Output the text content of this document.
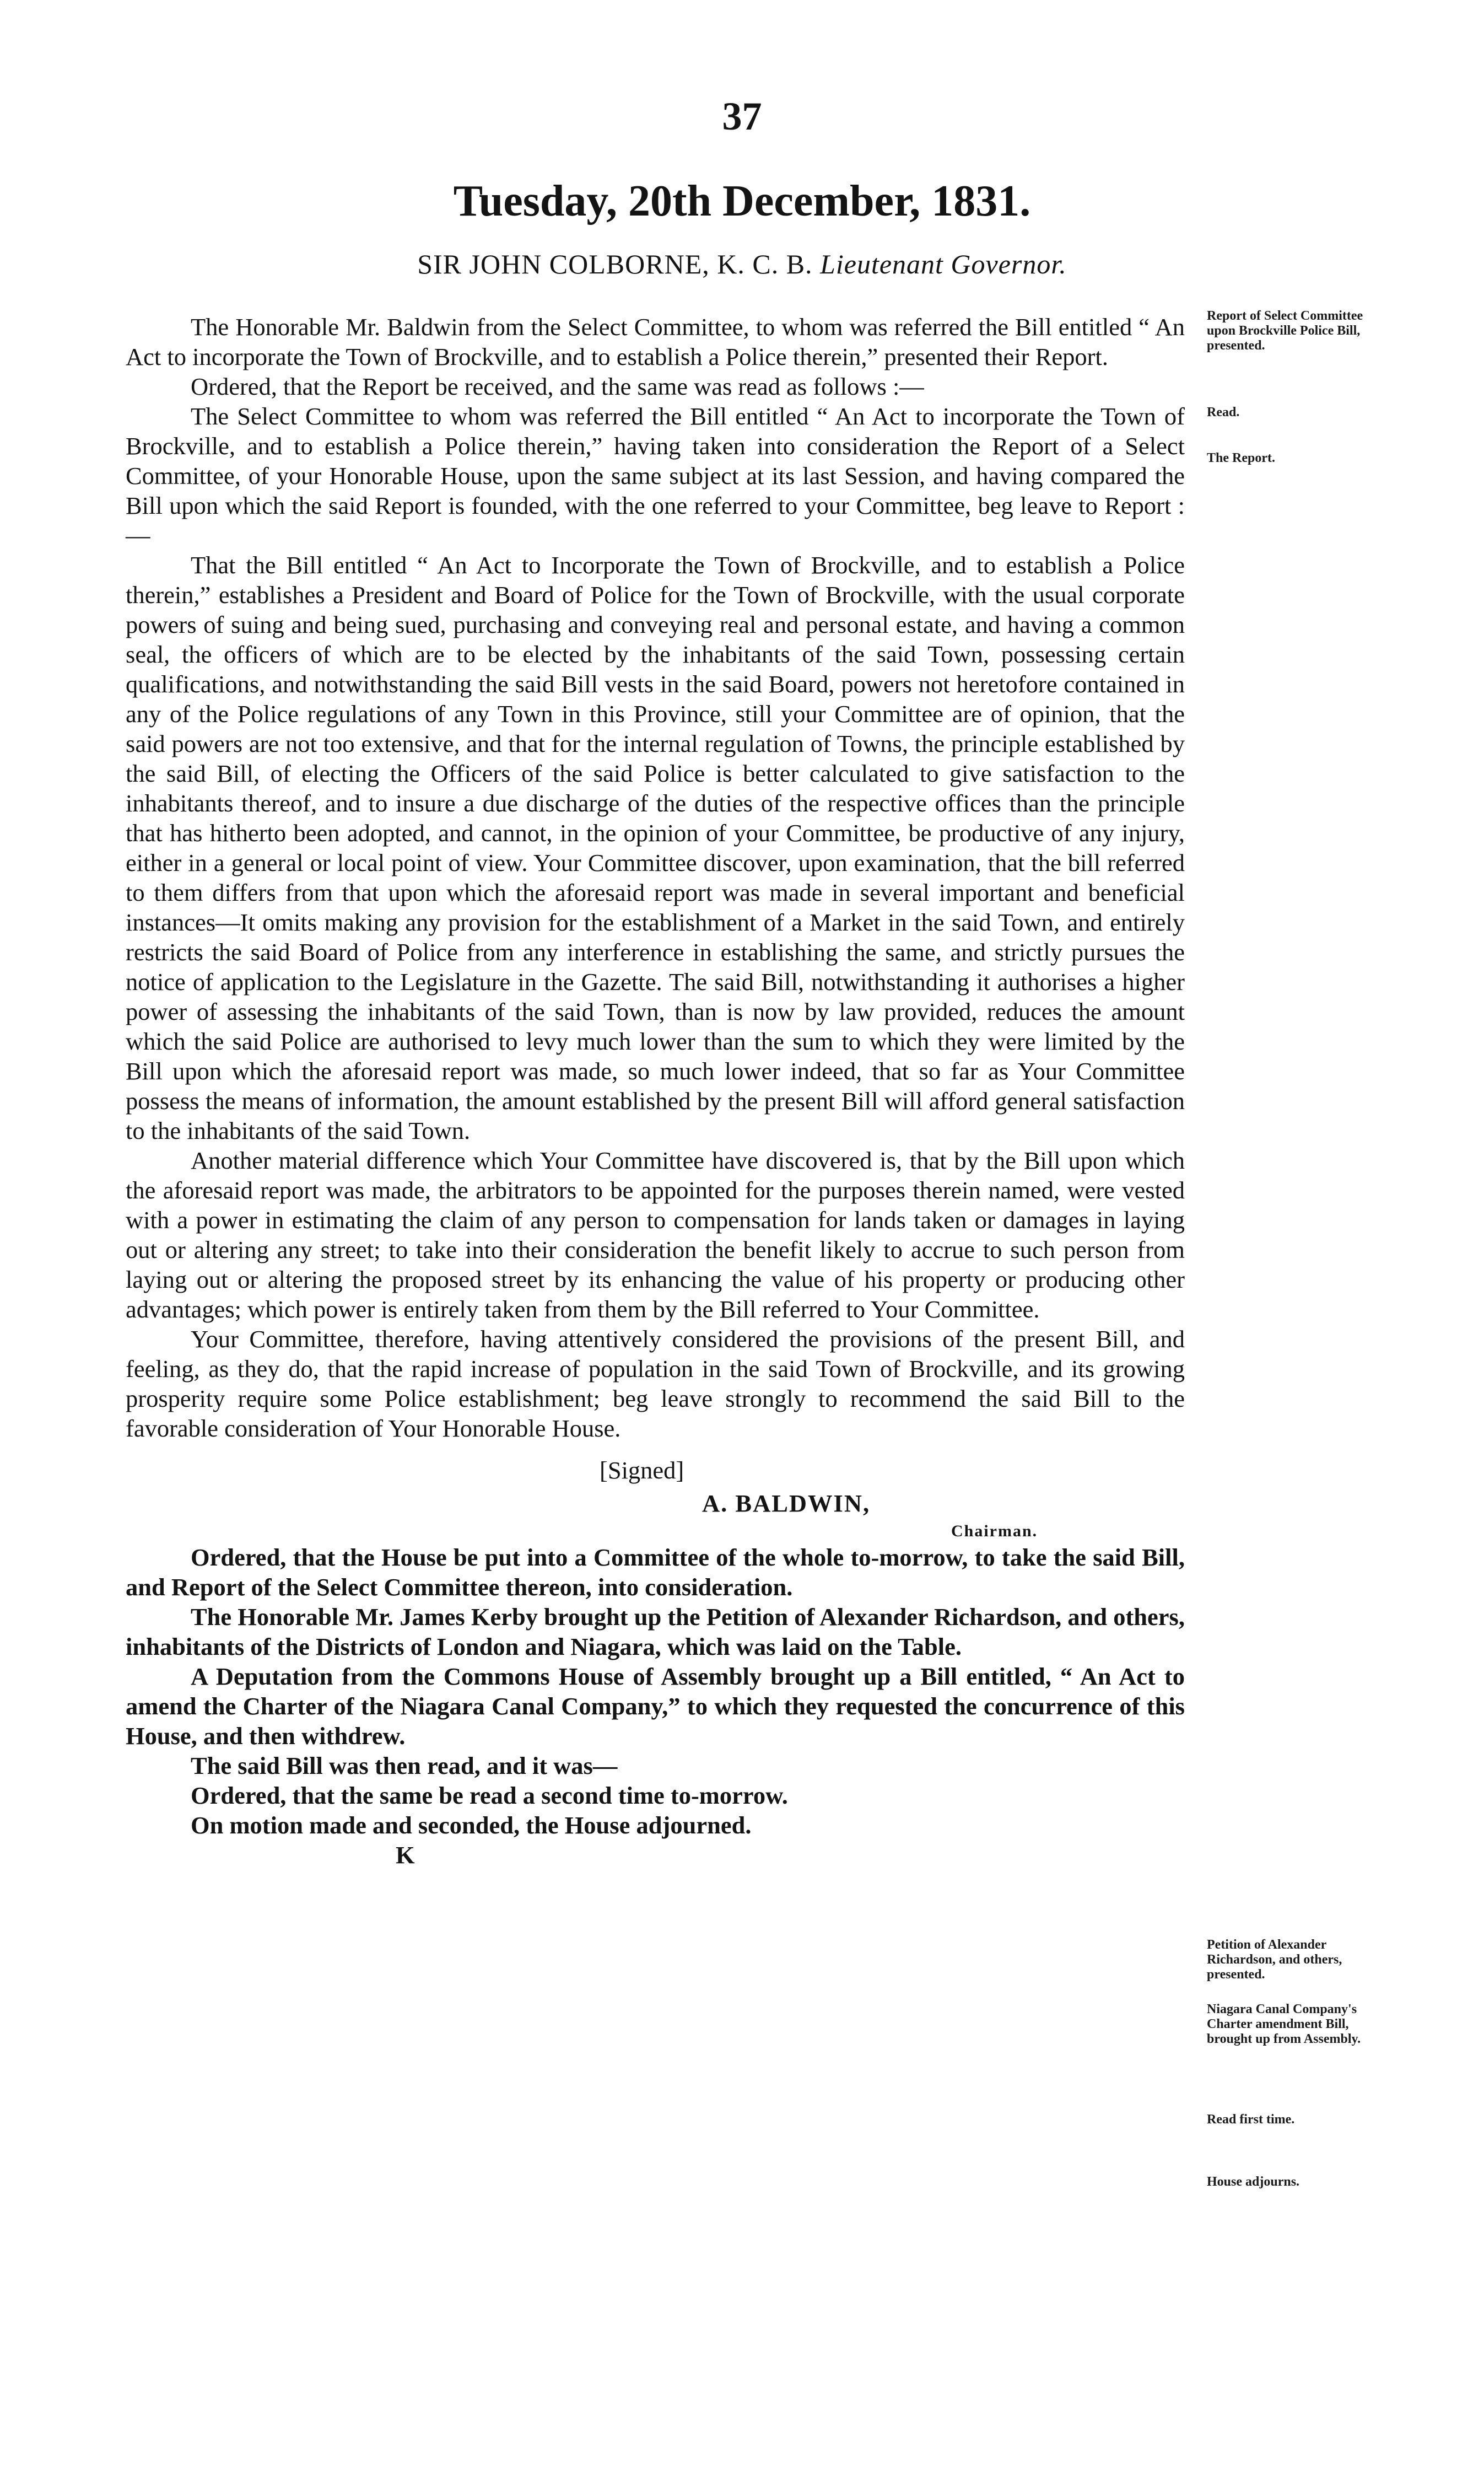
37
Tuesday, 20th December, 1831.
SIR JOHN COLBORNE, K. C. B. Lieutenant Governor.

The Honorable Mr. Baldwin from the Select Committee, to whom was referred the Bill entitled “ An Act to incorporate the Town of Brockville, and to establish a Police therein,” presented their Report.

Ordered, that the Report be received, and the same was read as follows :—

The Select Committee to whom was referred the Bill entitled “ An Act to incorporate the Town of Brockville, and to establish a Police therein,” having taken into consideration the Report of a Select Committee, of your Honorable House, upon the same subject at its last Session, and having compared the Bill upon which the said Report is founded, with the one referred to your Committee, beg leave to Report :—

That the Bill entitled “ An Act to Incorporate the Town of Brockville, and to establish a Police therein,” establishes a President and Board of Police for the Town of Brockville, with the usual corporate powers of suing and being sued, purchasing and conveying real and personal estate, and having a common seal, the officers of which are to be elected by the inhabitants of the said Town, possessing certain qualifications, and notwithstanding the said Bill vests in the said Board, powers not heretofore contained in any of the Police regulations of any Town in this Province, still your Committee are of opinion, that the said powers are not too extensive, and that for the internal regulation of Towns, the principle established by the said Bill, of electing the Officers of the said Police is better calculated to give satisfaction to the inhabitants thereof, and to insure a due discharge of the duties of the respective offices than the principle that has hitherto been adopted, and cannot, in the opinion of your Committee, be productive of any injury, either in a general or local point of view. Your Committee discover, upon examination, that the bill referred to them differs from that upon which the aforesaid report was made in several important and beneficial instances—It omits making any provision for the establishment of a Market in the said Town, and entirely restricts the said Board of Police from any interference in establishing the same, and strictly pursues the notice of application to the Legislature in the Gazette. The said Bill, notwithstanding it authorises a higher power of assessing the inhabitants of the said Town, than is now by law provided, reduces the amount which the said Police are authorised to levy much lower than the sum to which they were limited by the Bill upon which the aforesaid report was made, so much lower indeed, that so far as Your Committee possess the means of information, the amount established by the present Bill will afford general satisfaction to the inhabitants of the said Town.

Another material difference which Your Committee have discovered is, that by the Bill upon which the aforesaid report was made, the arbitrators to be appointed for the purposes therein named, were vested with a power in estimating the claim of any person to compensation for lands taken or damages in laying out or altering any street; to take into their consideration the benefit likely to accrue to such person from laying out or altering the proposed street by its enhancing the value of his property or producing other advantages; which power is entirely taken from them by the Bill referred to Your Committee.

Your Committee, therefore, having attentively considered the provisions of the present Bill, and feeling, as they do, that the rapid increase of population in the said Town of Brockville, and its growing prosperity require some Police establishment; beg leave strongly to recommend the said Bill to the favorable consideration of Your Honorable House.

[Signed]
A. BALDWIN,
Chairman.

Ordered, that the House be put into a Committee of the whole to-morrow, to take the said Bill, and Report of the Select Committee thereon, into consideration.

The Honorable Mr. James Kerby brought up the Petition of Alexander Richardson, and others, inhabitants of the Districts of London and Niagara, which was laid on the Table.

A Deputation from the Commons House of Assembly brought up a Bill entitled, “ An Act to amend the Charter of the Niagara Canal Company,” to which they requested the concurrence of this House, and then withdrew.

The said Bill was then read, and it was—

Ordered, that the same be read a second time to-morrow.

On motion made and seconded, the House adjourned.

K
Report of Select Committee upon Brockville Police Bill, presented.
Read.
The Report.
Petition of Alexander Richardson, and others, presented.
Niagara Canal Company's Charter amendment Bill, brought up from Assembly.
Read first time.
House adjourns.
